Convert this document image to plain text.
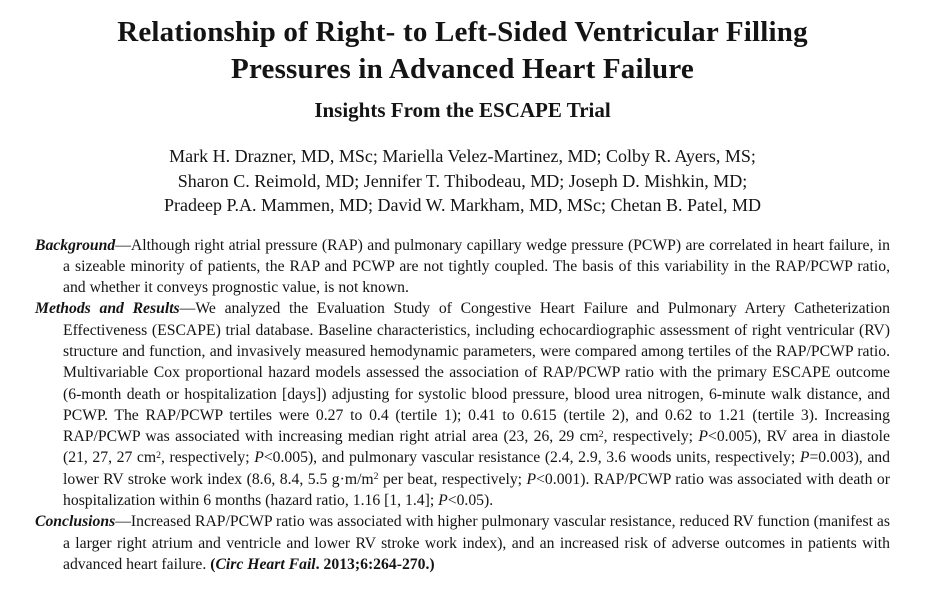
Relationship of Right- to Left-Sided Ventricular Filling
Pressures in Advanced Heart Failure
Insights From the ESCAPE Trial
Mark H. Drazner, MD, MSc; Mariella Velez-Martinez, MD; Colby R. Ayers, MS;
Sharon C. Reimold, MD; Jennifer T. Thibodeau, MD; Joseph D. Mishkin, MD;
Pradeep P.A. Mammen, MD; David W. Markham, MD, MSc; Chetan B. Patel, MD

Background—Although right atrial pressure (RAP) and pulmonary capillary wedge pressure (PCWP) are correlated in heart failure, in a sizeable minority of patients, the RAP and PCWP are not tightly coupled. The basis of this variability in the RAP/PCWP ratio, and whether it conveys prognostic value, is not known.

Methods and Results—We analyzed the Evaluation Study of Congestive Heart Failure and Pulmonary Artery Catheterization Effectiveness (ESCAPE) trial database. Baseline characteristics, including echocardiographic assessment of right ventricular (RV) structure and function, and invasively measured hemodynamic parameters, were compared among tertiles of the RAP/PCWP ratio. Multivariable Cox proportional hazard models assessed the association of RAP/PCWP ratio with the primary ESCAPE outcome (6-month death or hospitalization [days]) adjusting for systolic blood pressure, blood urea nitrogen, 6-minute walk distance, and PCWP. The RAP/PCWP tertiles were 0.27 to 0.4 (tertile 1); 0.41 to 0.615 (tertile 2), and 0.62 to 1.21 (tertile 3). Increasing RAP/PCWP was associated with increasing median right atrial area (23, 26, 29 $cm^2$, respectively; P<0.005), RV area in diastole (21, 27, 27 $cm^2$, respectively; P<0.005), and pulmonary vascular resistance (2.4, 2.9, 3.6 woods units, respectively; P=0.003), and lower RV stroke work index (8.6, 8.4, 5.5 $g\cdot m/m^2$ per beat, respectively; P<0.001). RAP/PCWP ratio was associated with death or hospitalization within 6 months (hazard ratio, 1.16 [1, 1.4]; P<0.05).

Conclusions—Increased RAP/PCWP ratio was associated with higher pulmonary vascular resistance, reduced RV function (manifest as a larger right atrium and ventricle and lower RV stroke work index), and an increased risk of adverse outcomes in patients with advanced heart failure. (Circ Heart Fail. 2013;6:264-270.)
